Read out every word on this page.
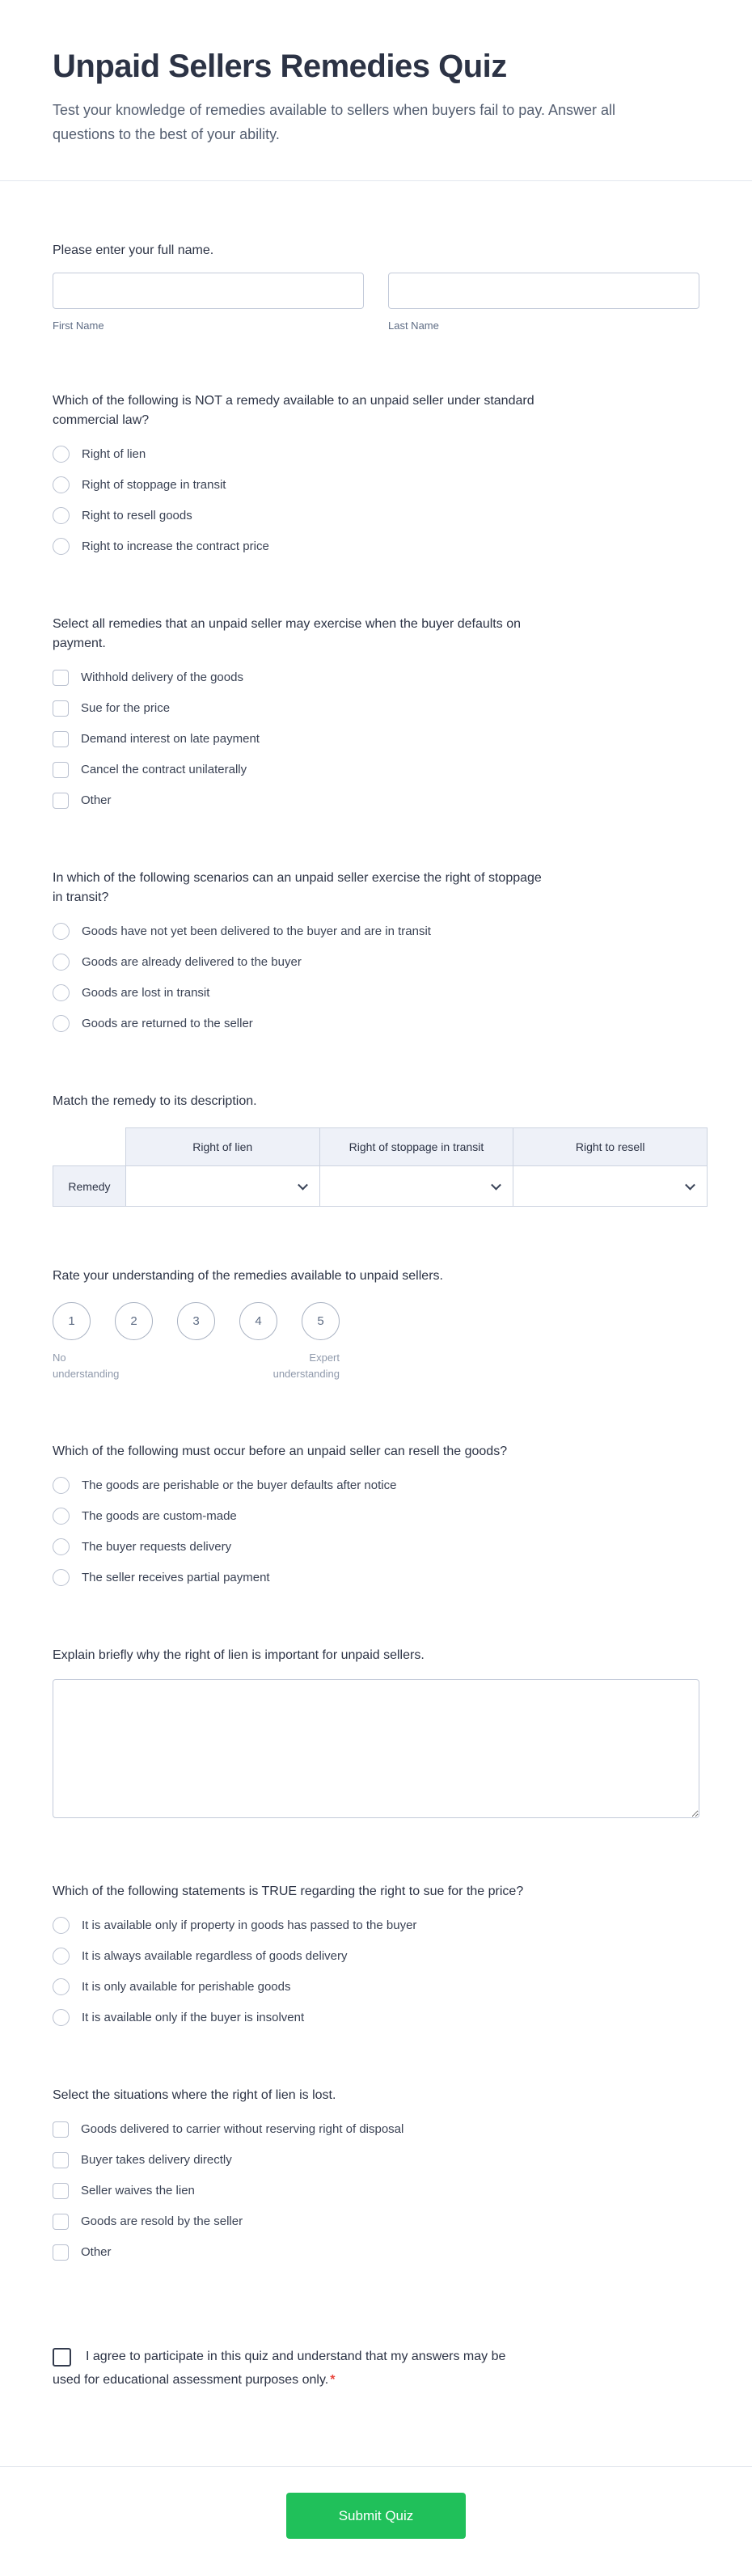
Unpaid Sellers Remedies Quiz
Test your knowledge of remedies available to sellers when buyers fail to pay. Answer all questions to the best of your ability.
Please enter your full name.
First Name	Last Name
Which of the following is NOT a remedy available to an unpaid seller under standard commercial law?
Right of lien
Right of stoppage in transit
Right to resell goods
Right to increase the contract price
Select all remedies that an unpaid seller may exercise when the buyer defaults on payment.
Withhold delivery of the goods
Sue for the price
Demand interest on late payment
Cancel the contract unilaterally
Other
In which of the following scenarios can an unpaid seller exercise the right of stoppage in transit?
Goods have not yet been delivered to the buyer and are in transit
Goods are already delivered to the buyer
Goods are lost in transit
Goods are returned to the seller
Match the remedy to its description.
	Right of lien	Right of stoppage in transit	Right to resell
Remedy	

Rate your understanding of the remedies available to unpaid sellers.
1	2	3	4	5
No understanding
Expert understanding
Which of the following must occur before an unpaid seller can resell the goods?
The goods are perishable or the buyer defaults after notice
The goods are custom-made
The buyer requests delivery
The seller receives partial payment
Explain briefly why the right of lien is important for unpaid sellers.
Which of the following statements is TRUE regarding the right to sue for the price?
It is available only if property in goods has passed to the buyer
It is always available regardless of goods delivery
It is only available for perishable goods
It is available only if the buyer is insolvent
Select the situations where the right of lien is lost.
Goods delivered to carrier without reserving right of disposal
Buyer takes delivery directly
Seller waives the lien
Goods are resold by the seller
Other

I agree to participate in this quiz and understand that my answers may be used for educational assessment purposes only. *

Submit Quiz
